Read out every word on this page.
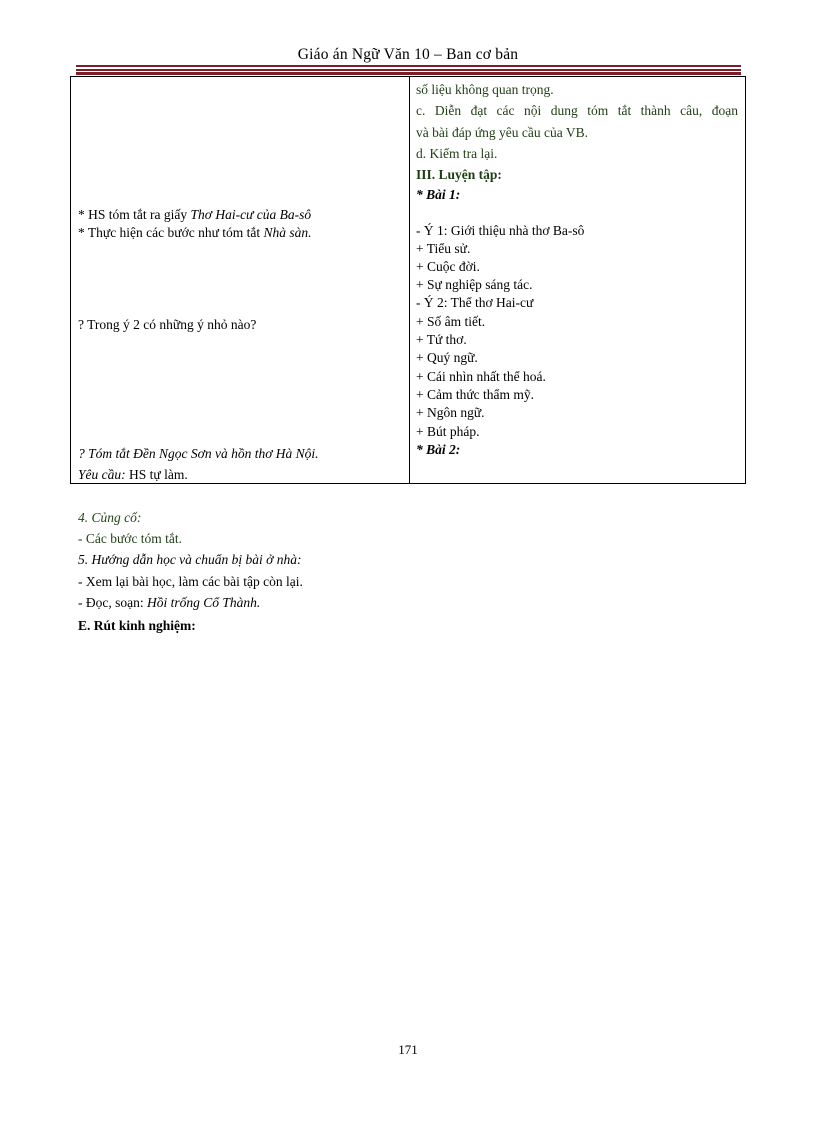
Giáo án Ngữ Văn 10 – Ban cơ bản
* HS tóm tắt ra giấy Thơ Hai-cư của Ba-sô
* Thực hiện các bước như tóm tắt Nhà sàn.
? Trong ý 2 có những ý nhỏ nào?
? Tóm tắt Đền Ngọc Sơn và hồn thơ Hà Nội.
Yêu cầu: HS tự làm.
số liệu không quan trọng.
c. Diễn đạt các nội dung tóm tắt thành câu, đoạn
và bài đáp ứng yêu cầu của VB.
d. Kiểm tra lại.
III. Luyện tập:
* Bài 1:
- Ý 1: Giới thiệu nhà thơ Ba-sô
+ Tiểu sử.
+ Cuộc đời.
+ Sự nghiệp sáng tác.
- Ý 2: Thể thơ Hai-cư
+ Số âm tiết.
+ Tứ thơ.
+ Quý ngữ.
+ Cái nhìn nhất thể hoá.
+ Cảm thức thẩm mỹ.
+ Ngôn ngữ.
+ Bút pháp.
* Bài 2:
4. Củng cố:
- Các bước tóm tắt.
5. Hướng dẫn học và chuẩn bị bài ở nhà:
- Xem lại bài học, làm các bài tập còn lại.
- Đọc, soạn: Hồi trống Cổ Thành.
E. Rút kinh nghiệm:
171
